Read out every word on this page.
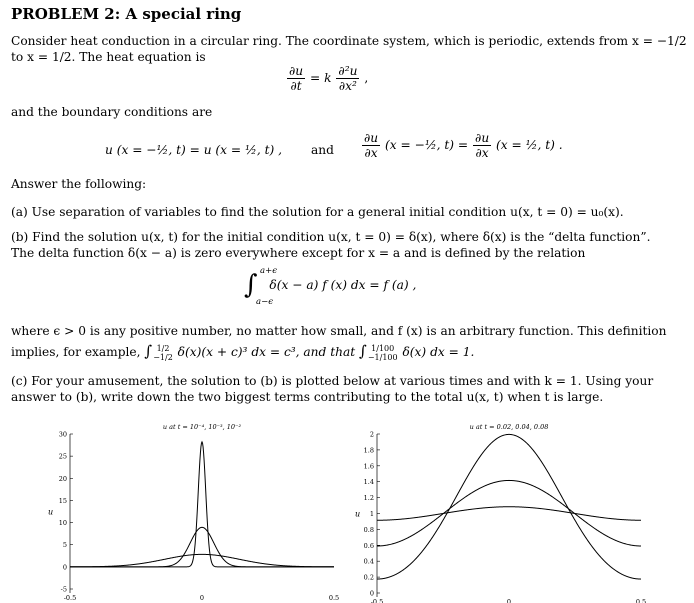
PROBLEM 2: A special ring
Consider heat conduction in a circular ring. The coordinate system, which is periodic, extends from x = −1/2
to x = 1/2. The heat equation is
$\frac{\partial u}{\partial t} = k \frac{\text{∂²u}}{\text{∂x²}}$ ,
and the boundary conditions are
u (x = −½, t) = u (x = ½, t) , and $\frac{\partial u}{\partial x} (x$ = −½, $t) = \frac{\partial u}{\partial x} (x$ = ½, t) .
Answer the following:
(a) Use separation of variables to find the solution for a general initial condition u(x, t = 0) = u₀(x).
(b) Find the solution u(x, t) for the initial condition u(x, t = 0) = δ(x), where δ(x) is the “delta function”.
The delta function δ(x − a) is zero everywhere except for x = a and is defined by the relation
∫ a+ϵ
a−ϵ
δ(x − a) f (x) dx = f (a) ,
where ϵ > 0 is any positive number, no matter how small, and f (x) is an arbitrary function. This definition
implies, for example, ∫ 1/2
−1/2 δ(x)(x + c)³ dx = c³, and that ∫ 1/100
−1/100 δ(x) dx = 1.
(c) For your amusement, the solution to (b) is plotted below at various times and with k = 1. Using your
answer to (b), write down the two biggest terms contributing to the total u(x, t) when t is large.
u at t = 10⁻⁴, 10⁻³, 10⁻²
u
30
25
20
15
10
5
0
-5
-0.5	0	0.5
u at t = 0.02, 0.04, 0.08
u
2
1.8
1.6
1.4
1.2
1
0.8
0.6
0.4
0.2
0
-0.5	0	0.5
